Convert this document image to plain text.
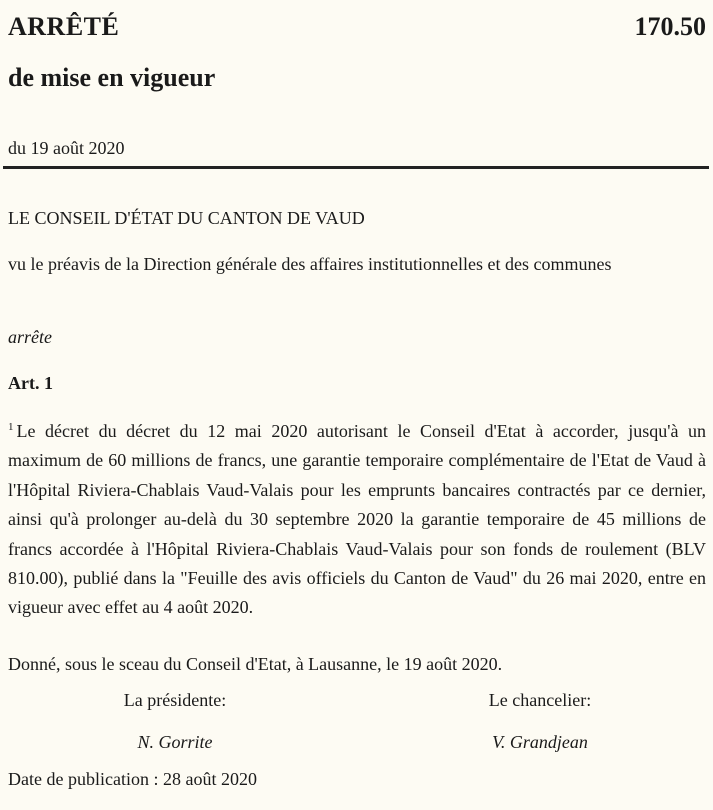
ARRÊTÉ	170.50
de mise en vigueur
du 19 août 2020
LE CONSEIL D'ÉTAT DU CANTON DE VAUD
vu le préavis de la Direction générale des affaires institutionnelles et des communes
arrête
Art. 1
$^1$ Le décret du décret du 12 mai 2020 autorisant le Conseil d'Etat à accorder, jusqu'à un maximum de 60 millions de francs, une garantie temporaire complémentaire de l'Etat de Vaud à l'Hôpital Riviera-Chablais Vaud-Valais pour les emprunts bancaires contractés par ce dernier, ainsi qu'à prolonger au-delà du 30 septembre 2020 la garantie temporaire de 45 millions de francs accordée à l'Hôpital Riviera-Chablais Vaud-Valais pour son fonds de roulement (BLV 810.00), publié dans la "Feuille des avis officiels du Canton de Vaud" du 26 mai 2020, entre en vigueur avec effet au 4 août 2020.
Donné, sous le sceau du Conseil d'Etat, à Lausanne, le 19 août 2020.
La présidente:	Le chancelier:
N. Gorrite	V. Grandjean
Date de publication : 28 août 2020
